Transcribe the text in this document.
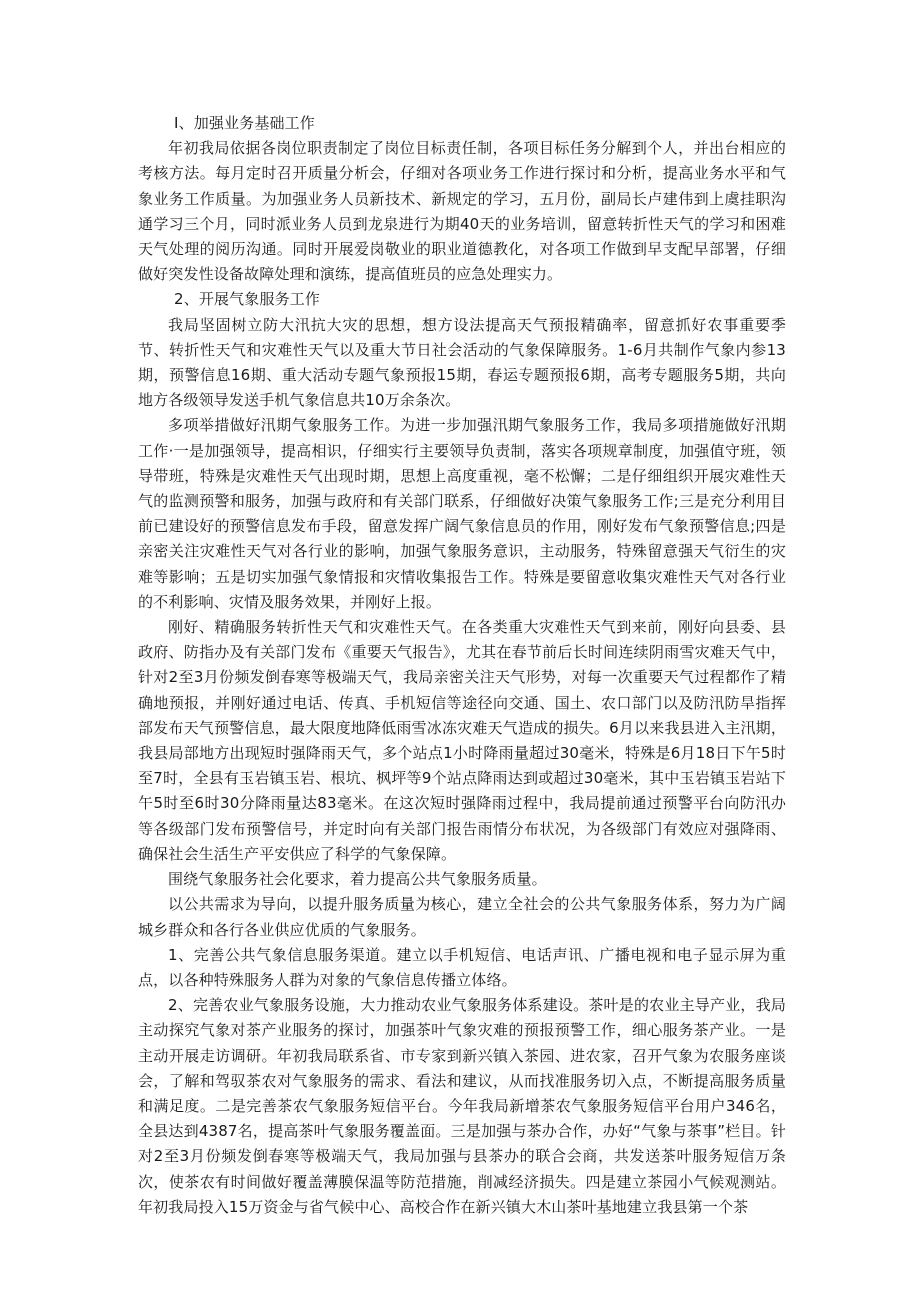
I、加强业务基础工作

年初我局依据各岗位职责制定了岗位目标责任制，各项目标任务分解到个人，并出台相应的考核方法。每月定时召开质量分析会，仔细对各项业务工作进行探讨和分析，提高业务水平和气象业务工作质量。为加强业务人员新技术、新规定的学习，五月份，副局长卢建伟到上虞挂职沟通学习三个月，同时派业务人员到龙泉进行为期40天的业务培训，留意转折性天气的学习和困难天气处理的阅历沟通。同时开展爱岗敬业的职业道德教化，对各项工作做到早支配早部署，仔细做好突发性设备故障处理和演练，提高值班员的应急处理实力。

2、开展气象服务工作

我局坚固树立防大汛抗大灾的思想，想方设法提高天气预报精确率，留意抓好农事重要季节、转折性天气和灾难性天气以及重大节日社会活动的气象保障服务。1-6月共制作气象内参13期，预警信息16期、重大活动专题气象预报15期，春运专题预报6期，高考专题服务5期，共向地方各级领导发送手机气象信息共10万余条次。

多项举措做好汛期气象服务工作。为进一步加强汛期气象服务工作，我局多项措施做好汛期工作·一是加强领导，提高相识，仔细实行主要领导负责制，落实各项规章制度，加强值守班，领导带班，特殊是灾难性天气出现时期，思想上高度重视，毫不松懈；二是仔细组织开展灾难性天气的监测预警和服务，加强与政府和有关部门联系，仔细做好决策气象服务工作;三是充分利用目前已建设好的预警信息发布手段，留意发挥广阔气象信息员的作用，刚好发布气象预警信息;四是亲密关注灾难性天气对各行业的影响，加强气象服务意识，主动服务，特殊留意强天气衍生的灾难等影响；五是切实加强气象情报和灾情收集报告工作。特殊是要留意收集灾难性天气对各行业的不利影响、灾情及服务效果，并刚好上报。

刚好、精确服务转折性天气和灾难性天气。在各类重大灾难性天气到来前，刚好向县委、县政府、防指办及有关部门发布《重要天气报告》，尤其在春节前后长时间连续阴雨雪灾难天气中，针对2至3月份频发倒春寒等极端天气，我局亲密关注天气形势，对每一次重要天气过程都作了精确地预报，并刚好通过电话、传真、手机短信等途径向交通、国土、农口部门以及防汛防旱指挥部发布天气预警信息，最大限度地降低雨雪冰冻灾难天气造成的损失。6月以来我县进入主汛期，我县局部地方出现短时强降雨天气，多个站点1小时降雨量超过30毫米，特殊是6月18日下午5时至7时，全县有玉岩镇玉岩、根坑、枫坪等9个站点降雨达到或超过30毫米，其中玉岩镇玉岩站下午5时至6时30分降雨量达83毫米。在这次短时强降雨过程中，我局提前通过预警平台向防汛办等各级部门发布预警信号，并定时向有关部门报告雨情分布状况，为各级部门有效应对强降雨、确保社会生活生产平安供应了科学的气象保障。

围绕气象服务社会化要求，着力提高公共气象服务质量。

以公共需求为导向，以提升服务质量为核心，建立全社会的公共气象服务体系，努力为广阔城乡群众和各行各业供应优质的气象服务。

1、完善公共气象信息服务渠道。建立以手机短信、电话声讯、广播电视和电子显示屏为重点，以各种特殊服务人群为对象的气象信息传播立体络。

2、完善农业气象服务设施，大力推动农业气象服务体系建设。茶叶是的农业主导产业，我局主动探究气象对茶产业服务的探讨，加强茶叶气象灾难的预报预警工作，细心服务茶产业。一是主动开展走访调研。年初我局联系省、市专家到新兴镇入茶园、进农家，召开气象为农服务座谈会，了解和驾驭茶农对气象服务的需求、看法和建议，从而找准服务切入点，不断提高服务质量和满足度。二是完善茶农气象服务短信平台。今年我局新增茶农气象服务短信平台用户346名，全县达到4387名，提高茶叶气象服务覆盖面。三是加强与茶办合作，办好“气象与茶事”栏目。针对2至3月份频发倒春寒等极端天气，我局加强与县茶办的联合会商，共发送茶叶服务短信万条次，使茶农有时间做好覆盖薄膜保温等防范措施，削减经济损失。四是建立茶园小气候观测站。年初我局投入15万资金与省气候中心、高校合作在新兴镇大木山茶叶基地建立我县第一个茶
